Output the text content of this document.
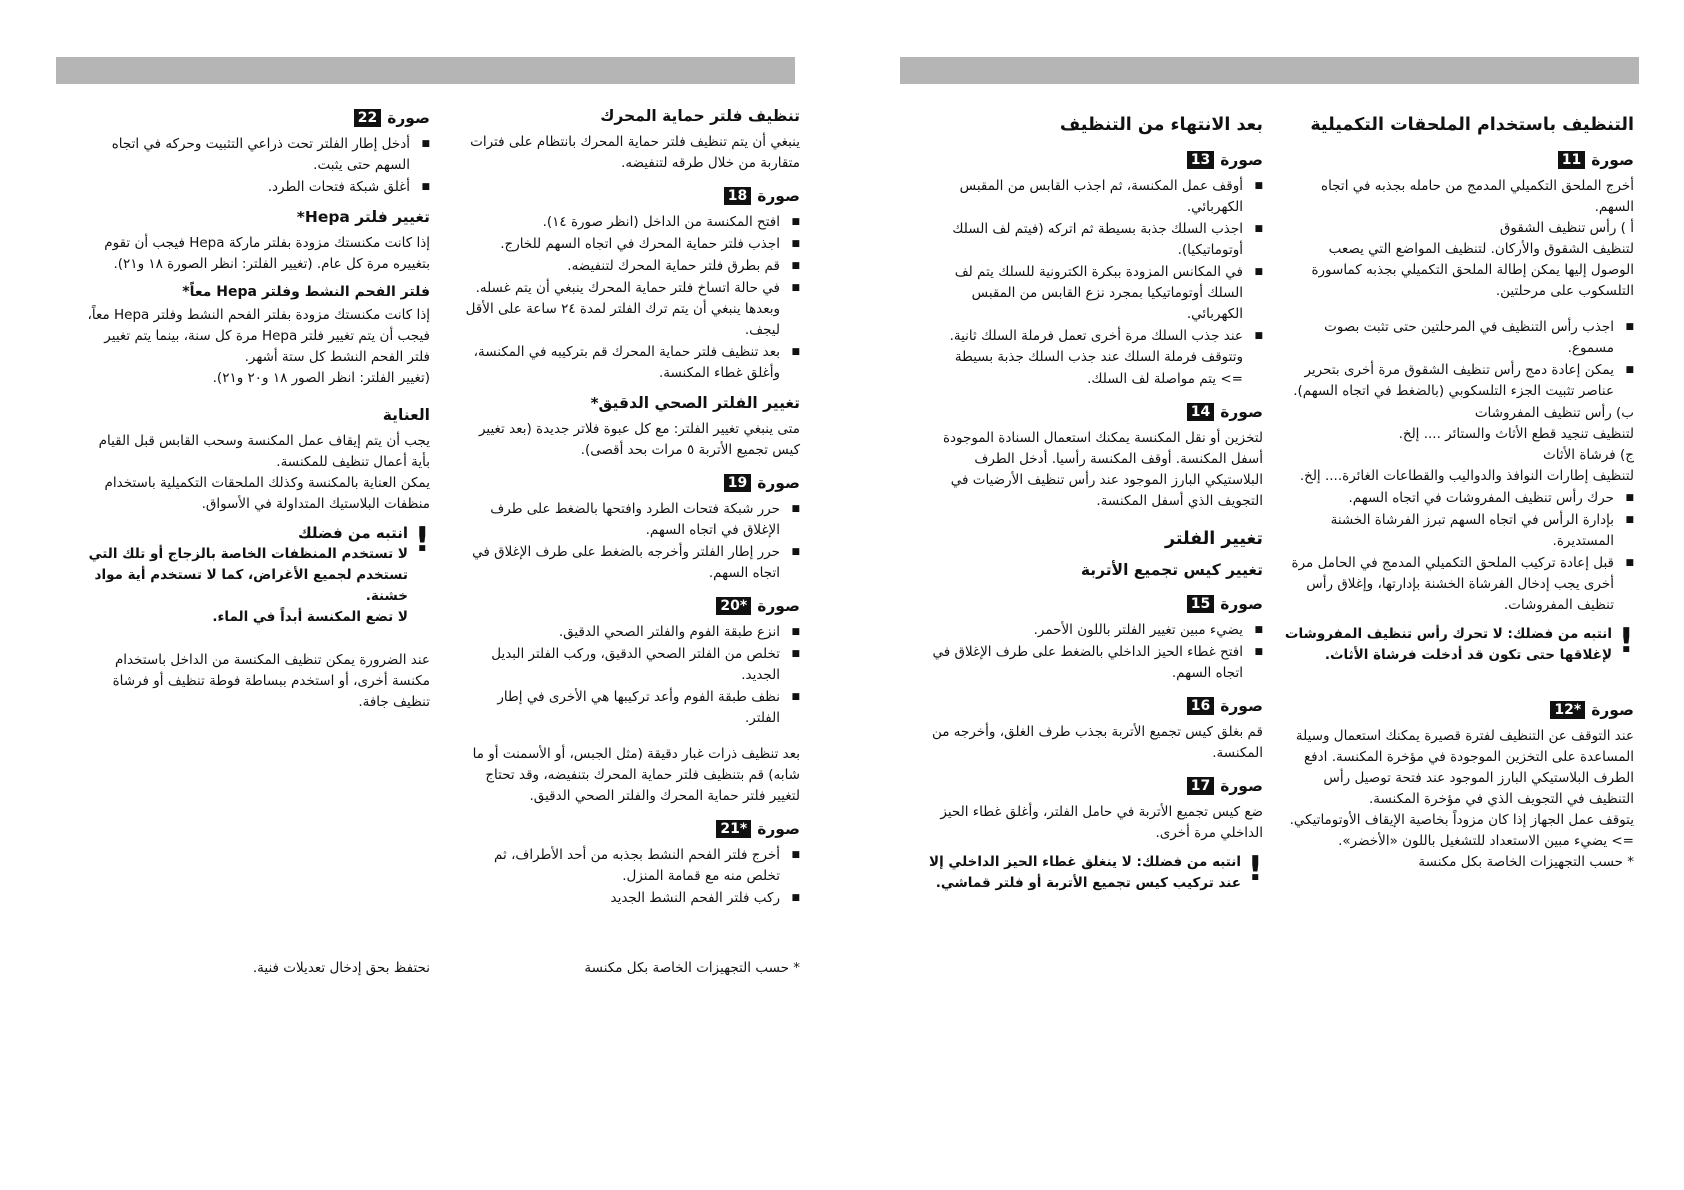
التنظيف باستخدام الملحقات التكميلية
صورة
11

أخرج الملحق التكميلي المدمج من حامله بجذبه في اتجاه السهم.

أ ) رأس تنظيف الشقوق

لتنظيف الشقوق والأركان. لتنظيف المواضع التي يصعب الوصول إليها يمكن إطالة الملحق التكميلي بجذبه كماسورة التلسكوب على مرحلتين.

■
اجذب رأس التنظيف في المرحلتين حتى تثبت بصوت مسموع.
■
يمكن إعادة دمج رأس تنظيف الشقوق مرة أخرى بتحرير عناصر تثبيت الجزء التلسكوبي (بالضغط في اتجاه السهم).

ب) رأس تنظيف المفروشات

لتنظيف تنجيد قطع الأثاث والستائر .... إلخ.

ج) فرشاة الأثاث

لتنظيف إطارات النوافذ والدواليب والقطاعات الغائرة.... إلخ.

■
حرك رأس تنظيف المفروشات في اتجاه السهم.
■
بإدارة الرأس في اتجاه السهم تبرز الفرشاة الخشنة المستديرة.
■
قبل إعادة تركيب الملحق التكميلي المدمج في الحامل مرة أخرى يجب إدخال الفرشاة الخشنة بإدارتها، وإغلاق رأس تنظيف المفروشات.
!
انتبه من فضلك: لا تحرك رأس تنظيف المفروشات لإغلاقها حتى تكون قد أدخلت فرشاة الأثاث.
صورة
12*

عند التوقف عن التنظيف لفترة قصيرة يمكنك استعمال وسيلة المساعدة على التخزين الموجودة في مؤخرة المكنسة. ادفع الطرف البلاستيكي البارز الموجود عند فتحة توصيل رأس التنظيف في التجويف الذي في مؤخرة المكنسة.

يتوقف عمل الجهاز إذا كان مزوداً بخاصية الإيقاف الأوتوماتيكي.

=> يضيء مبين الاستعداد للتشغيل باللون «الأخضر».

* حسب التجهيزات الخاصة بكل مكنسة

بعد الانتهاء من التنظيف
صورة
13
■
أوقف عمل المكنسة، ثم اجذب القابس من المقبس الكهربائي.
■
اجذب السلك جذبة بسيطة ثم اتركه (فيتم لف السلك أوتوماتيكيا).
■
في المكانس المزودة ببكرة الكترونية للسلك يتم لف السلك أوتوماتيكيا بمجرد نزع القابس من المقبس الكهربائي.
■
عند جذب السلك مرة أخرى تعمل فرملة السلك ثانية. وتتوقف فرملة السلك عند جذب السلك جذبة بسيطة

=> يتم مواصلة لف السلك.

صورة
14

لتخزين أو نقل المكنسة يمكنك استعمال السنادة الموجودة أسفل المكنسة. أوقف المكنسة رأسيا. أدخل الطرف البلاستيكي البارز الموجود عند رأس تنظيف الأرضيات في التجويف الذي أسفل المكنسة.

تغيير الفلتر
تغيير كيس تجميع الأتربة
صورة
15
■
يضيء مبين تغيير الفلتر باللون الأحمر.
■
افتح غطاء الحيز الداخلي بالضغط على طرف الإغلاق في اتجاه السهم.
صورة
16

قم بغلق كيس تجميع الأتربة بجذب طرف الغلق، وأخرجه من المكنسة.

صورة
17

ضع كيس تجميع الأتربة في حامل الفلتر، وأغلق غطاء الحيز الداخلي مرة أخرى.

!
انتبه من فضلك: لا ينغلق غطاء الحيز الداخلي إلا عند تركيب كيس تجميع الأتربة أو فلتر قماشي.
تنظيف فلتر حماية المحرك

ينبغي أن يتم تنظيف فلتر حماية المحرك بانتظام على فترات متقاربة من خلال طرقه لتنفيضه.

صورة
18
■
افتح المكنسة من الداخل (انظر صورة ١٤).
■
اجذب فلتر حماية المحرك في اتجاه السهم للخارج.
■
قم بطرق فلتر حماية المحرك لتنفيضه.
■
في حالة اتساخ فلتر حماية المحرك ينبغي أن يتم غسله. وبعدها ينبغي أن يتم ترك الفلتر لمدة ٢٤ ساعة على الأقل ليجف.
■
بعد تنظيف فلتر حماية المحرك قم بتركيبه في المكنسة، وأغلق غطاء المكنسة.
تغيير الفلتر الصحي الدقيق*

متى ينبغي تغيير الفلتر: مع كل عبوة فلاتر جديدة (بعد تغيير كيس تجميع الأتربة ٥ مرات بحد أقصى).

صورة
19
■
حرر شبكة فتحات الطرد وافتحها بالضغط على طرف الإغلاق في اتجاه السهم.
■
حرر إطار الفلتر وأخرجه بالضغط على طرف الإغلاق في اتجاه السهم.
صورة
20*
■
انزع طبقة الفوم والفلتر الصحي الدقيق.
■
تخلص من الفلتر الصحي الدقيق، وركب الفلتر البديل الجديد.
■
نظف طبقة الفوم وأعد تركيبها هي الأخرى في إطار الفلتر.

بعد تنظيف ذرات غبار دقيقة (مثل الجبس، أو الأسمنت أو ما شابه) قم بتنظيف فلتر حماية المحرك بتنفيضه، وقد تحتاج لتغيير فلتر حماية المحرك والفلتر الصحي الدقيق.

صورة
21*
■
أخرج فلتر الفحم النشط بجذبه من أحد الأطراف، ثم تخلص منه مع قمامة المنزل.
■
ركب فلتر الفحم النشط الجديد
* حسب التجهيزات الخاصة بكل مكنسة
صورة
22
■
أدخل إطار الفلتر تحت ذراعي التثبيت وحركه في اتجاه السهم حتى يثبت.
■
أغلق شبكة فتحات الطرد.
تغيير فلتر Hepa*

إذا كانت مكنستك مزودة بفلتر ماركة Hepa فيجب أن تقوم بتغييره مرة كل عام. (تغيير الفلتر: انظر الصورة ١٨ و٢١).

فلتر الفحم النشط وفلتر Hepa معاً*

إذا كانت مكنستك مزودة بفلتر الفحم النشط وفلتر Hepa معاً، فيجب أن يتم تغيير فلتر Hepa مرة كل سنة، بينما يتم تغيير فلتر الفحم النشط كل ستة أشهر.

(تغيير الفلتر: انظر الصور ١٨ و٢٠ و٢١).

العناية

يجب أن يتم إيقاف عمل المكنسة وسحب القابس قبل القيام بأية أعمال تنظيف للمكنسة.

يمكن العناية بالمكنسة وكذلك الملحقات التكميلية باستخدام منظفات البلاستيك المتداولة في الأسواق.

!
انتبه من فضلك
لا تستخدم المنظفات الخاصة بالزجاج أو تلك التي تستخدم لجميع الأغراض، كما لا تستخدم أية مواد خشنة.
لا تضع المكنسة أبداً في الماء.

عند الضرورة يمكن تنظيف المكنسة من الداخل باستخدام مكنسة أخرى، أو استخدم ببساطة فوطة تنظيف أو فرشاة تنظيف جافة.

نحتفظ بحق إدخال تعديلات فنية.
